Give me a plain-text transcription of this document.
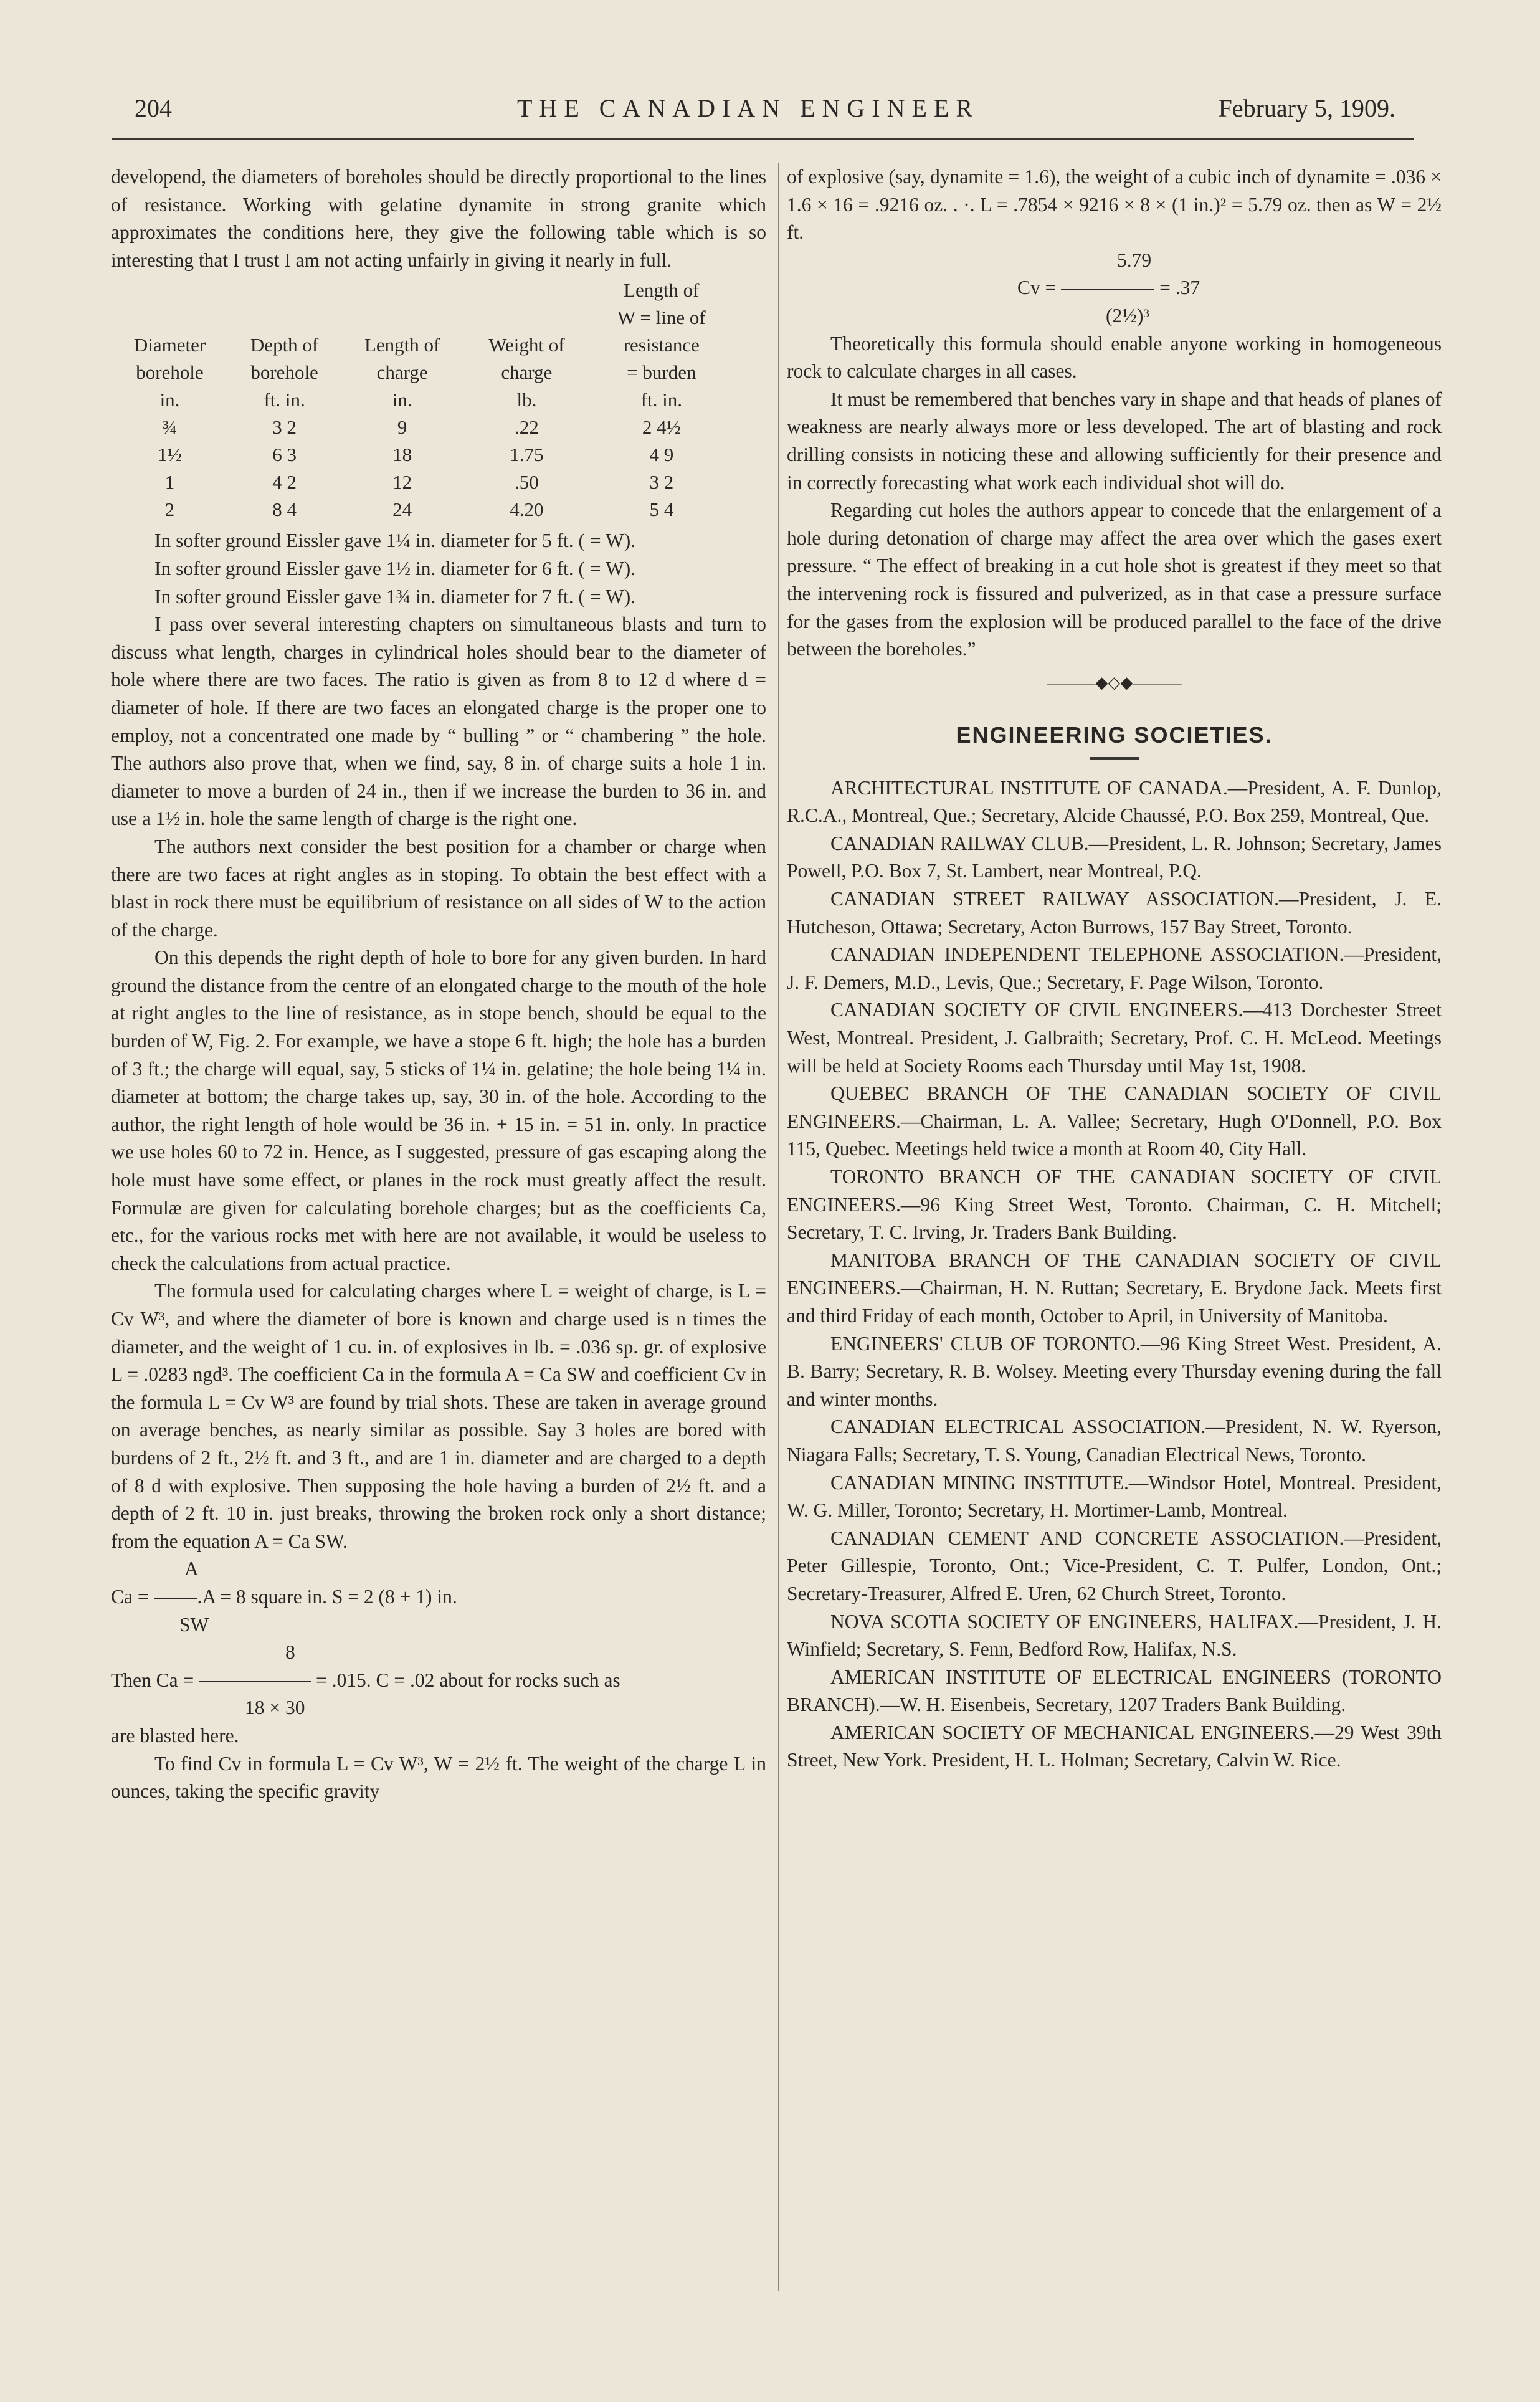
204	THE CANADIAN ENGINEER	February 5, 1909.

developend, the diameters of boreholes should be directly proportional to the lines of resistance. Working with gelatine dynamite in strong granite which approximates the conditions here, they give the following table which is so interesting that I trust I am not acting unfairly in giving it nearly in full.

				Length of
				W = line of
Diameter	Depth of	Length of	Weight of	resistance
borehole	borehole	charge	charge	= burden
in.	ft. in.	in.	lb.	ft. in.
¾	3 2	9	.22	2 4½
1½	6 3	18	1.75	4 9
1	4 2	12	.50	3 2
2	8 4	24	4.20	5 4

In softer ground Eissler gave 1¼ in. diameter for 5 ft. ( = W).

In softer ground Eissler gave 1½ in. diameter for 6 ft. ( = W).

In softer ground Eissler gave 1¾ in. diameter for 7 ft. ( = W).

I pass over several interesting chapters on simultaneous blasts and turn to discuss what length, charges in cylindrical holes should bear to the diameter of hole where there are two faces. The ratio is given as from 8 to 12 d where d = diameter of hole. If there are two faces an elongated charge is the proper one to employ, not a concentrated one made by “ bulling ” or “ chambering ” the hole. The authors also prove that, when we find, say, 8 in. of charge suits a hole 1 in. diameter to move a burden of 24 in., then if we increase the burden to 36 in. and use a 1½ in. hole the same length of charge is the right one.

The authors next consider the best position for a chamber or charge when there are two faces at right angles as in stoping. To obtain the best effect with a blast in rock there must be equilibrium of resistance on all sides of W to the action of the charge.

On this depends the right depth of hole to bore for any given burden. In hard ground the distance from the centre of an elongated charge to the mouth of the hole at right angles to the line of resistance, as in stope bench, should be equal to the burden of W, Fig. 2. For example, we have a stope 6 ft. high; the hole has a burden of 3 ft.; the charge will equal, say, 5 sticks of 1¼ in. gelatine; the hole being 1¼ in. diameter at bottom; the charge takes up, say, 30 in. of the hole. According to the author, the right length of hole would be 36 in. + 15 in. = 51 in. only. In practice we use holes 60 to 72 in. Hence, as I suggested, pressure of gas escaping along the hole must have some effect, or planes in the rock must greatly affect the result. Formulæ are given for calculating borehole charges; but as the coefficients Ca, etc., for the various rocks met with here are not available, it would be useless to check the calculations from actual practice.

The formula used for calculating charges where L = weight of charge, is L = Cv W³, and where the diameter of bore is known and charge used is n times the diameter, and the weight of 1 cu. in. of explosives in lb. = .036 sp. gr. of explosive L = .0283 ngd³. The coefficient Ca in the formula A = Ca SW and coefficient Cv in the formula L = Cv W³ are found by trial shots. These are taken in average ground on average benches, as nearly similar as possible. Say 3 holes are bored with burdens of 2 ft., 2½ ft. and 3 ft., and are 1 in. diameter and are charged to a depth of 8 d with explosive. Then supposing the hole having a burden of 2½ ft. and a depth of 2 ft. 10 in. just breaks, throwing the broken rock only a short distance; from the equation A = Ca SW.

A
Ca = .A = 8 square in. S = 2 (8 + 1) in.
SW
8
Then Ca =	= .015. C = .02 about for rocks such as
18 × 30

are blasted here.

To find Cv in formula L = Cv W³, W = 2½ ft. The weight of the charge L in ounces, taking the specific gravity

of explosive (say, dynamite = 1.6), the weight of a cubic inch of dynamite = .036 × 1.6 × 16 = .9216 oz. . ·. L = .7854 × 9216 × 8 × (1 in.)² = 5.79 oz. then as W = 2½ ft.

5.79
Cv =	= .37
(2½)³

Theoretically this formula should enable anyone working in homogeneous rock to calculate charges in all cases.

It must be remembered that benches vary in shape and that heads of planes of weakness are nearly always more or less developed. The art of blasting and rock drilling consists in noticing these and allowing sufficiently for their presence and in correctly forecasting what work each individual shot will do.

Regarding cut holes the authors appear to concede that the enlargement of a hole during detonation of charge may affect the area over which the gases exert pressure. “ The effect of breaking in a cut hole shot is greatest if they meet so that the intervening rock is fissured and pulverized, as in that case a pressure surface for the gases from the explosion will be produced parallel to the face of the drive between the boreholes.”

———◆◇◆———
ENGINEERING SOCIETIES.

ARCHITECTURAL INSTITUTE OF CANADA.—President, A. F. Dunlop, R.C.A., Montreal, Que.; Secretary, Alcide Chaussé, P.O. Box 259, Montreal, Que.

CANADIAN RAILWAY CLUB.—President, L. R. Johnson; Secretary, James Powell, P.O. Box 7, St. Lambert, near Montreal, P.Q.

CANADIAN STREET RAILWAY ASSOCIATION.—President, J. E. Hutcheson, Ottawa; Secretary, Acton Burrows, 157 Bay Street, Toronto.

CANADIAN INDEPENDENT TELEPHONE ASSOCIATION.—President, J. F. Demers, M.D., Levis, Que.; Secretary, F. Page Wilson, Toronto.

CANADIAN SOCIETY OF CIVIL ENGINEERS.—413 Dorchester Street West, Montreal. President, J. Galbraith; Secretary, Prof. C. H. McLeod. Meetings will be held at Society Rooms each Thursday until May 1st, 1908.

QUEBEC BRANCH OF THE CANADIAN SOCIETY OF CIVIL ENGINEERS.—Chairman, L. A. Vallee; Secretary, Hugh O'Donnell, P.O. Box 115, Quebec. Meetings held twice a month at Room 40, City Hall.

TORONTO BRANCH OF THE CANADIAN SOCIETY OF CIVIL ENGINEERS.—96 King Street West, Toronto. Chairman, C. H. Mitchell; Secretary, T. C. Irving, Jr. Traders Bank Building.

MANITOBA BRANCH OF THE CANADIAN SOCIETY OF CIVIL ENGINEERS.—Chairman, H. N. Ruttan; Secretary, E. Brydone Jack. Meets first and third Friday of each month, October to April, in University of Manitoba.

ENGINEERS' CLUB OF TORONTO.—96 King Street West. President, A. B. Barry; Secretary, R. B. Wolsey. Meeting every Thursday evening during the fall and winter months.

CANADIAN ELECTRICAL ASSOCIATION.—President, N. W. Ryerson, Niagara Falls; Secretary, T. S. Young, Canadian Electrical News, Toronto.

CANADIAN MINING INSTITUTE.—Windsor Hotel, Montreal. President, W. G. Miller, Toronto; Secretary, H. Mortimer-Lamb, Montreal.

CANADIAN CEMENT AND CONCRETE ASSOCIATION.—President, Peter Gillespie, Toronto, Ont.; Vice-President, C. T. Pulfer, London, Ont.; Secretary-Treasurer, Alfred E. Uren, 62 Church Street, Toronto.

NOVA SCOTIA SOCIETY OF ENGINEERS, HALIFAX.—President, J. H. Winfield; Secretary, S. Fenn, Bedford Row, Halifax, N.S.

AMERICAN INSTITUTE OF ELECTRICAL ENGINEERS (TORONTO BRANCH).—W. H. Eisenbeis, Secretary, 1207 Traders Bank Building.

AMERICAN SOCIETY OF MECHANICAL ENGINEERS.—29 West 39th Street, New York. President, H. L. Holman; Secretary, Calvin W. Rice.
